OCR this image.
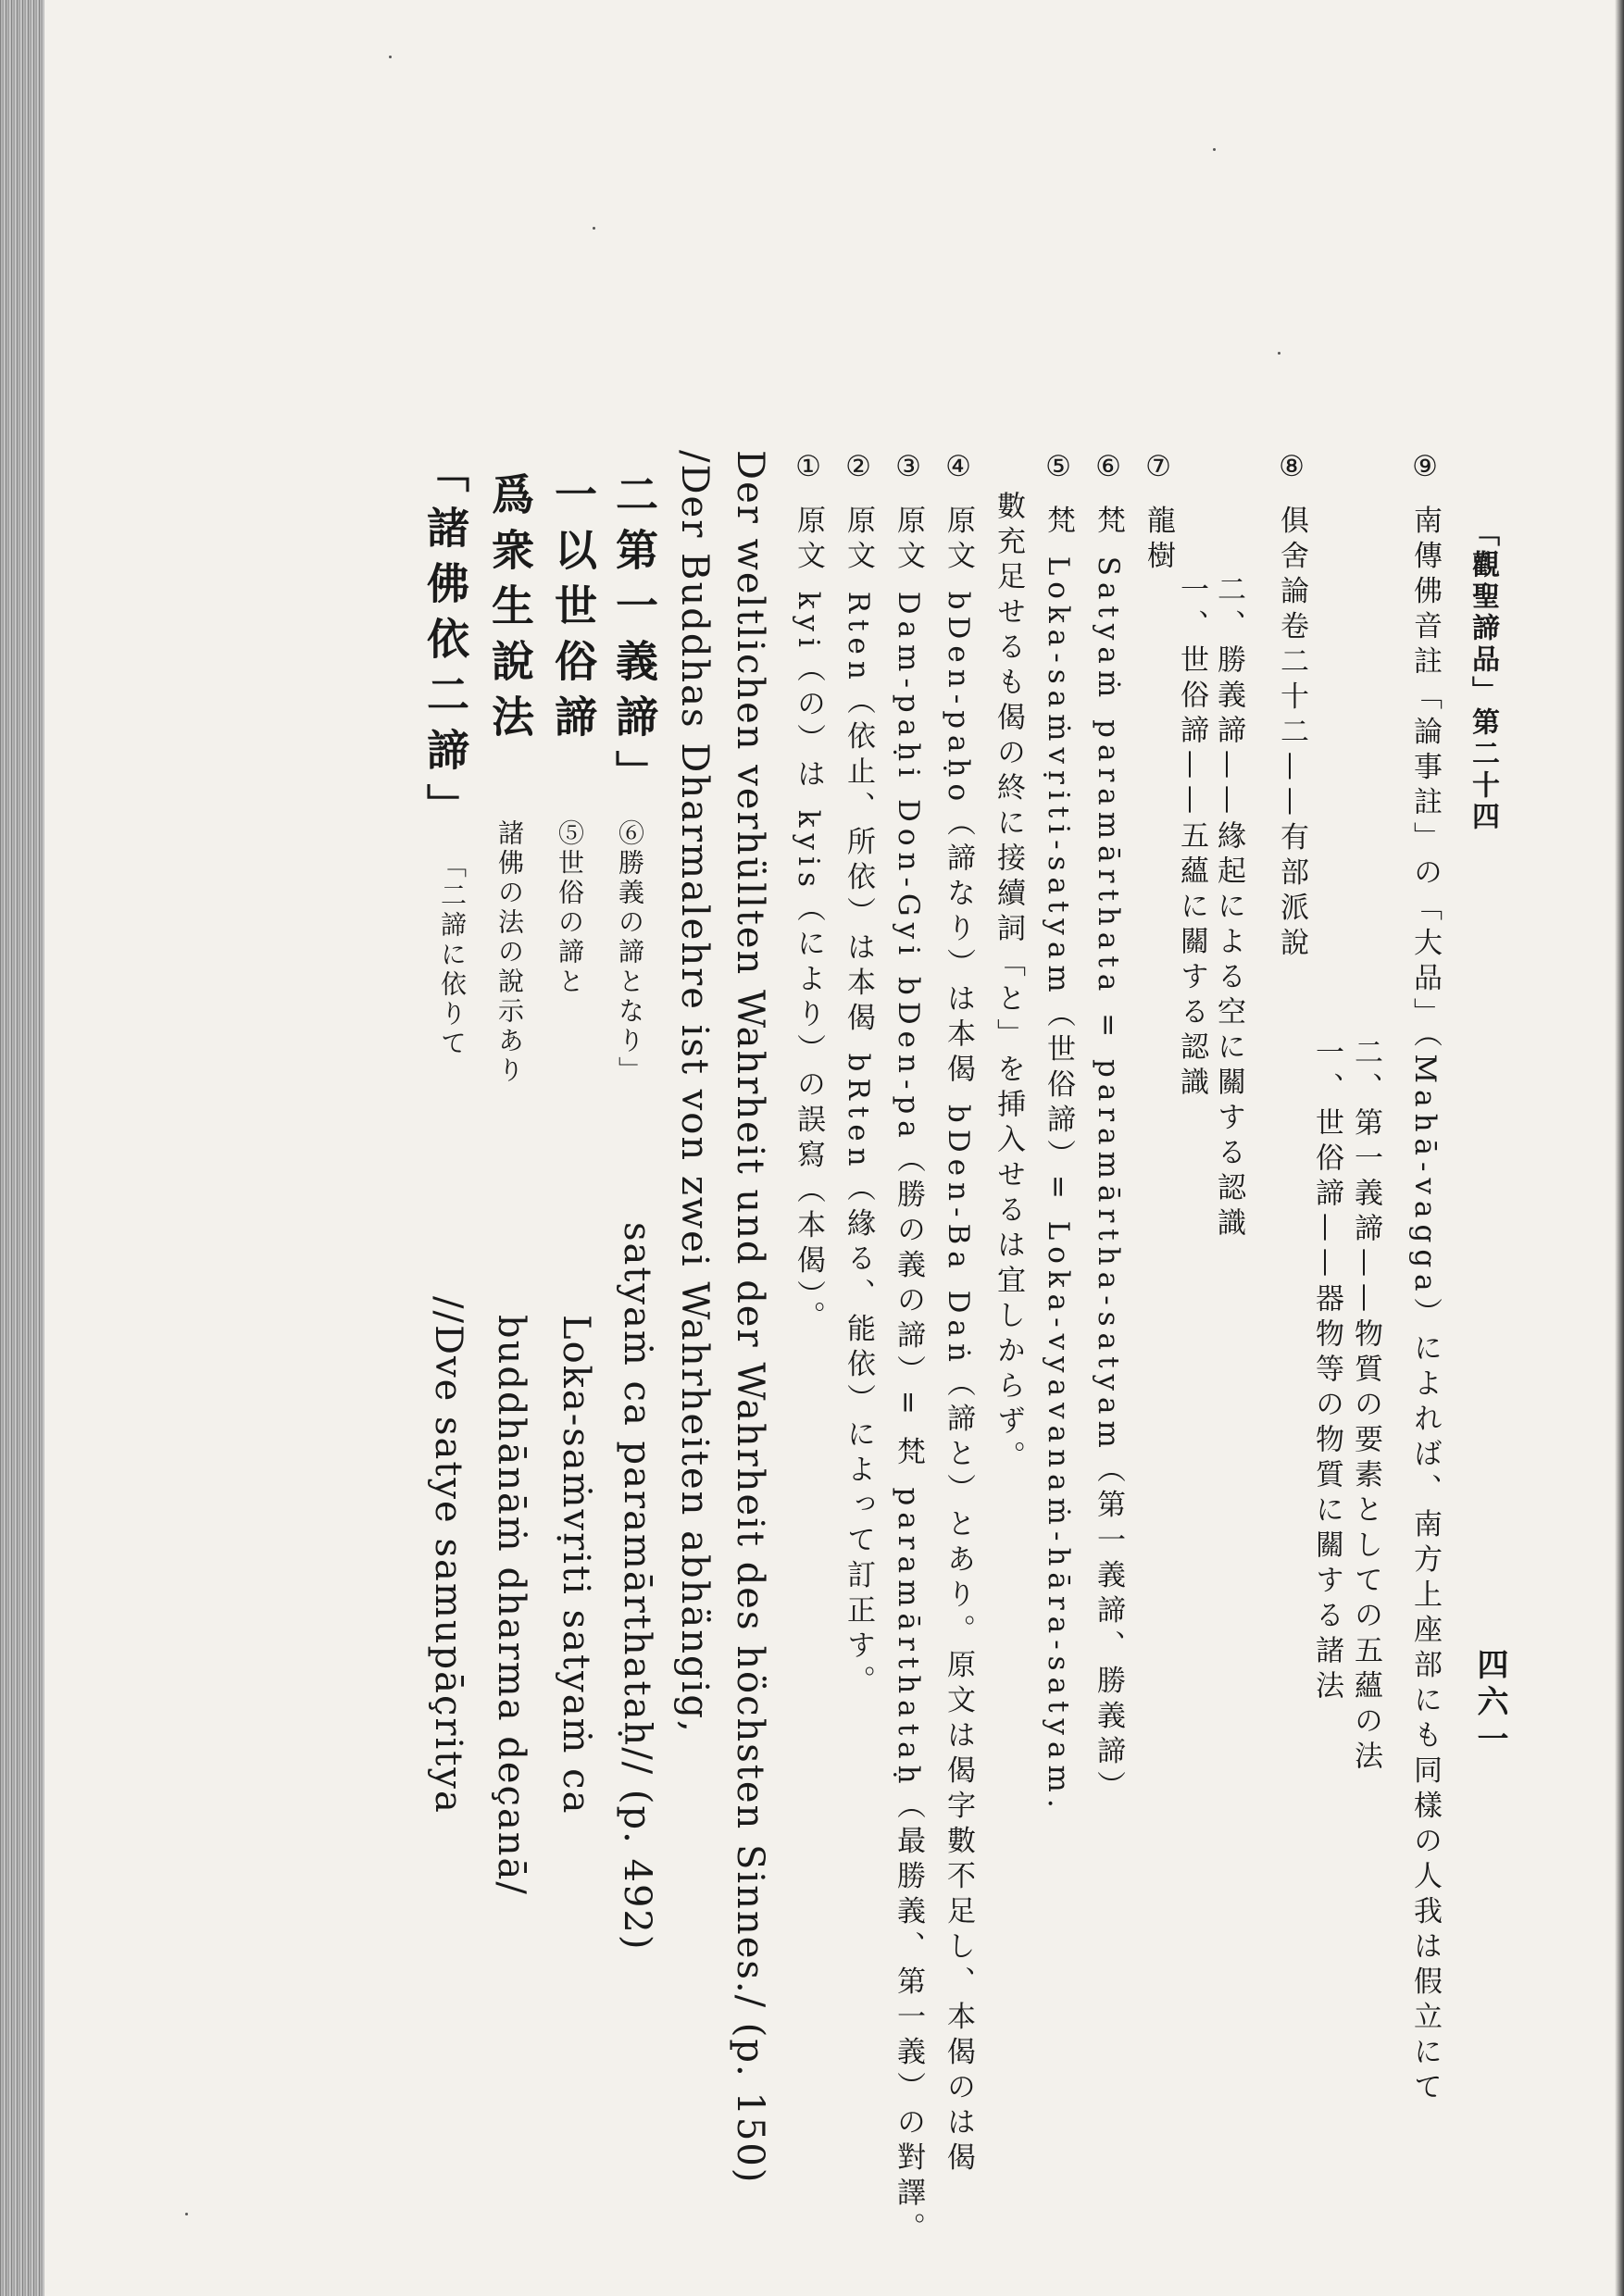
「諸佛依二諦」 爲衆生說法 一以世俗諦 二第一義諦」
「二諦に依りて 諸佛の法の說示あり ⑤世俗の諦と ⑥勝義の諦となり」
//Dve satye samupāçritya buddhānāṁ dharma deçanā/ Loka-saṁvṛiti satyaṁ ca satyaṁ ca paramārthataḥ// (p. 492) /Der Buddhas Dharmalehre ist von zwei Wahrheiten abhängig, Der weltlichen verhüllten Wahrheit und der Wahrheit des höchsten Sinnes./ (p. 150) ① 原文 kyi（の）は kyis（により）の誤寫（本偈）。 ② 原文 Rten（依止、所依）は本偈 bRten（緣る、能依）によって訂正す。 ③ 原文 Dam-paḥi Don-Gyi bDen-pa（勝の義の諦）= 梵 paramārthataḥ（最勝義、第一義）の對譯。 ④ 原文 bDen-paḥo（諦なり）は本偈 bDen-Ba Daṅ（諦と）とあり。原文は偈字數不足し、本偈のは偈 數充足せるも偈の終に接續詞「と」を挿入せるは宜しからず。 ⑤ 梵 Loka-saṁvṛiti-satyam（世俗諦）= Loka-vyavanaṁ-hāra-satyam. ⑥ 梵 Satyaṁ paramārthata = paramārtha-satyam（第一義諦、勝義諦） ⑦ 龍樹
一、世俗諦——五蘊に關する認識 二、勝義諦——緣起による空に關する認識 ⑧ 俱舍論卷二十二——有部派說
一、世俗諦——器物等の物質に關する諸法 二、第一義諦——物質の要素としての五蘊の法 ⑨ 南傳佛音註「論事註」の「大品」（Mahā-vagga）によれば、南方上座部にも同樣の人我は假立にて 「觀聖諦品」第二十四
四六一
